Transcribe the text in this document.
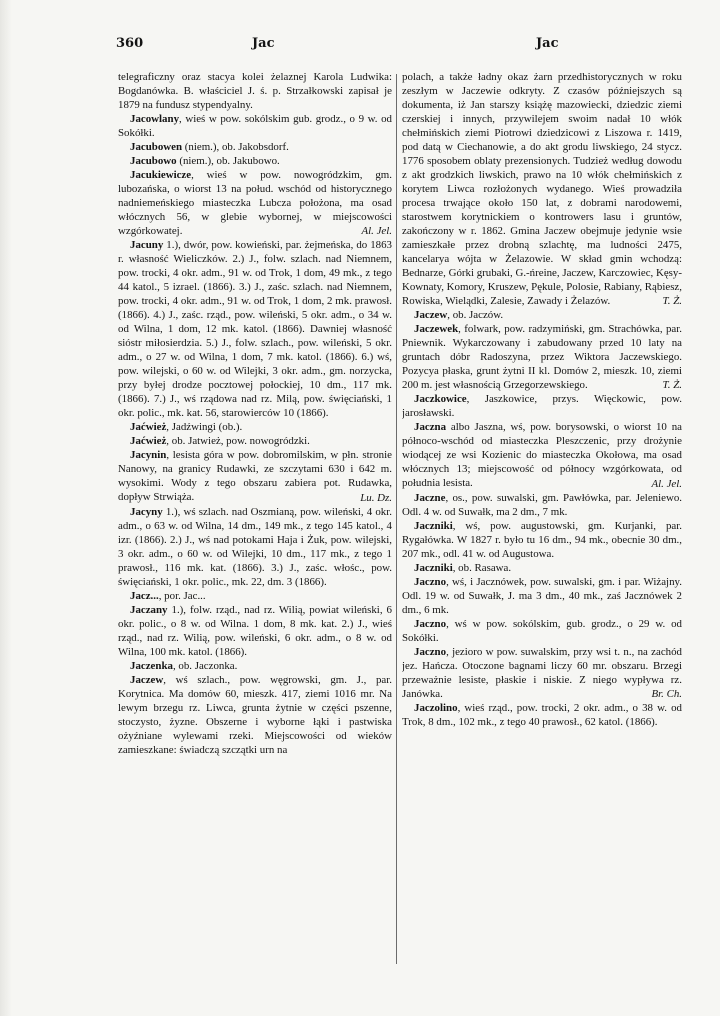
360	Jac	Jac

telegraficzny oraz stacya kolei żelaznej Karola Ludwika: Bogdanówka. B. właściciel J. ś. p. Strzałkowski zapisał je 1879 na fundusz stypendyalny.

Jacowlany, wieś w pow. sokólskim gub. grodz., o 9 w. od Sokółki.

Jacubowen (niem.), ob. Jakobsdorf.

Jacubowo (niem.), ob. Jakubowo.

Jacukiewicze, wieś w pow. nowogródzkim, gm. lubozańska, o wiorst 13 na połud. wschód od historycznego nadniemeńskiego miasteczka Lubcza położona, ma osad włócznych 56, w glebie wybornej, w miejscowości wzgórkowatej.	Al. Jel.

Jacuny 1.), dwór, pow. kowieński, par. żejmeńska, do 1863 r. własność Wieliczków. 2.) J., folw. szlach. nad Niemnem, pow. trocki, 4 okr. adm., 91 w. od Trok, 1 dom, 49 mk., z tego 44 katol., 5 izrael. (1866). 3.) J., zaśc. szlach. nad Niemnem, pow. trocki, 4 okr. adm., 91 w. od Trok, 1 dom, 2 mk. prawosł. (1866). 4.) J., zaśc. rząd., pow. wileński, 5 okr. adm., o 34 w. od Wilna, 1 dom, 12 mk. katol. (1866). Dawniej własność sióstr miłosierdzia. 5.) J., folw. szlach., pow. wileński, 5 okr. adm., o 27 w. od Wilna, 1 dom, 7 mk. katol. (1866). 6.) wś, pow. wilejski, o 60 w. od Wilejki, 3 okr. adm., gm. norzycka, przy byłej drodze pocztowej połockiej, 10 dm., 117 mk. (1866). 7.) J., wś rządowa nad rz. Milą, pow. święciański, 1 okr. polic., mk. kat. 56, starowierców 10 (1866).

Jaćwież, Jadźwingi (ob.).

Jaćwież, ob. Jatwież, pow. nowogródzki.

Jacynin, lesista góra w pow. dobromilskim, w płn. stronie Nanowy, na granicy Rudawki, ze szczytami 630 i 642 m. wysokimi. Wody z tego obszaru zabiera pot. Rudawka, dopływ Strwiąża.	Lu. Dz.

Jacyny 1.), wś szlach. nad Oszmianą, pow. wileński, 4 okr. adm., o 63 w. od Wilna, 14 dm., 149 mk., z tego 145 katol., 4 izr. (1866). 2.) J., wś nad potokami Haja i Żuk, pow. wilejski, 3 okr. adm., o 60 w. od Wilejki, 10 dm., 117 mk., z tego 1 prawosł., 116 mk. kat. (1866). 3.) J., zaśc. włośc., pow. święciański, 1 okr. polic., mk. 22, dm. 3 (1866).

Jacz..., por. Jac...

Jaczany 1.), folw. rząd., nad rz. Wilią, powiat wileński, 6 okr. polic., o 8 w. od Wilna. 1 dom, 8 mk. kat. 2.) J., wieś rząd., nad rz. Wilią, pow. wileński, 6 okr. adm., o 8 w. od Wilna, 100 mk. katol. (1866).

Jaczenka, ob. Jaczonka.

Jaczew, wś szlach., pow. węgrowski, gm. J., par. Korytnica. Ma domów 60, mieszk. 417, ziemi 1016 mr. Na lewym brzegu rz. Liwca, grunta żytnie w części pszenne, stoczysto, żyzne. Obszerne i wyborne łąki i pastwiska ożyźniane wylewami rzeki. Miejscowości od wieków zamieszkane: świadczą szczątki urn na

polach, a także ładny okaz żarn przedhistorycznych w roku zeszłym w Jaczewie odkryty. Z czasów późniejszych są dokumenta, iż Jan starszy książę mazowiecki, dziedzic ziemi czerskiej i innych, przywilejem swoim nadał 10 włók chełmińskich ziemi Piotrowi dziedzicowi z Liszowa r. 1419, pod datą w Ciechanowie, a do akt grodu liwskiego, 24 stycz. 1776 sposobem oblaty prezensionych. Tudzież według dowodu z akt grodzkich liwskich, prawo na 10 włók chełmińskich z korytem Liwca rozłożonych wydanego. Wieś prowadziła procesa trwające około 150 lat, z dobrami narodowemi, starostwem korytnickiem o kontrowers lasu i gruntów, zakończony w r. 1862. Gmina Jaczew obejmuje jedynie wsie zamieszkałe przez drobną szlachtę, ma ludności 2475, kancelarya wójta w Żelazowie. W skład gmin wchodzą: Bednarze, Górki grubaki, G.-ńreine, Jaczew, Karczowiec, Kęsy-Kownaty, Komory, Kruszew, Pękule, Polosie, Rabiany, Rąbiesz, Rowiska, Wielądki, Zalesie, Zawady i Żelazów.	T. Ż.

Jaczew, ob. Jaczów.

Jaczewek, folwark, pow. radzymiński, gm. Strachówka, par. Pniewnik. Wykarczowany i zabudowany przed 10 laty na gruntach dóbr Radoszyna, przez Wiktora Jaczewskiego. Pozycya płaska, grunt żytni II kl. Domów 2, mieszk. 10, ziemi 200 m. jest własnością Grzegorzewskiego.	T. Ż.

Jaczkowice, Jaszkowice, przys. Więckowic, pow. jarosławski.

Jaczna albo Jaszna, wś, pow. borysowski, o wiorst 10 na północo-wschód od miasteczka Pleszczenic, przy drożynie wiodącej ze wsi Kozienic do miasteczka Okołowa, ma osad włócznych 13; miejscowość od północy wzgórkowata, od południa lesista.	Al. Jel.

Jaczne, os., pow. suwalski, gm. Pawłówka, par. Jeleniewo. Odl. 4 w. od Suwałk, ma 2 dm., 7 mk.

Jaczniki, wś, pow. augustowski, gm. Kurjanki, par. Rygałówka. W 1827 r. było tu 16 dm., 94 mk., obecnie 30 dm., 207 mk., odl. 41 w. od Augustowa.

Jaczniki, ob. Rasawa.

Jaczno, wś, i Jacznówek, pow. suwalski, gm. i par. Wiżajny. Odl. 19 w. od Suwałk, J. ma 3 dm., 40 mk., zaś Jacznówek 2 dm., 6 mk.

Jaczno, wś w pow. sokólskim, gub. grodz., o 29 w. od Sokółki.

Jaczno, jezioro w pow. suwalskim, przy wsi t. n., na zachód jez. Hańcza. Otoczone bagnami liczy 60 mr. obszaru. Brzegi przeważnie lesiste, płaskie i niskie. Z niego wypływa rz. Janówka.	Br. Ch.

Jaczolino, wieś rząd., pow. trocki, 2 okr. adm., o 38 w. od Trok, 8 dm., 102 mk., z tego 40 prawosł., 62 katol. (1866).
